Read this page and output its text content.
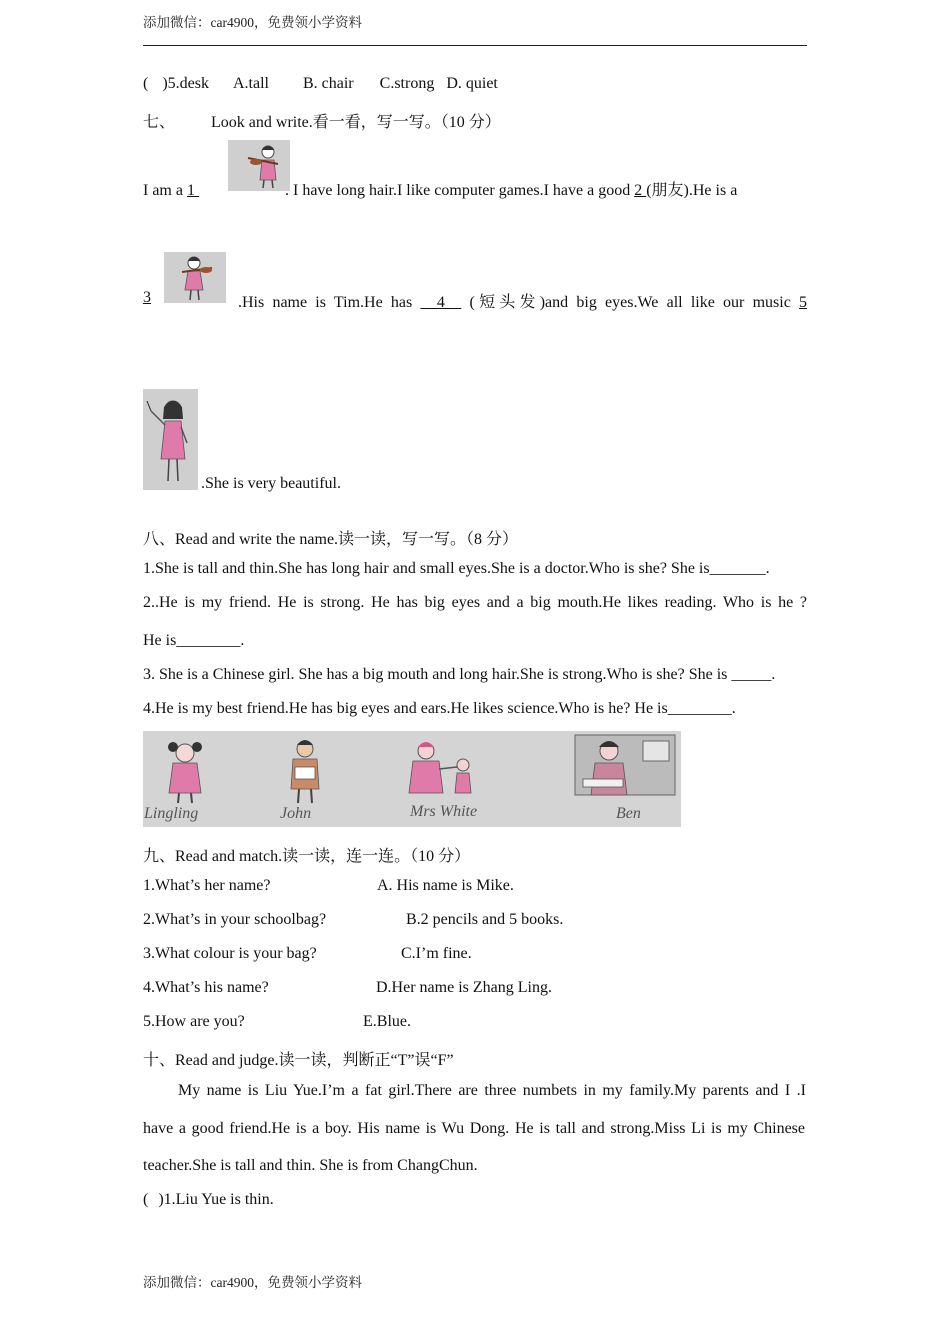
添加微信：car4900，免费领小学资料
( )5.desk A.tall B. chair C.strong D. quiet
七、 Look and write.看一看，写一写。（10 分）
I am a 1	. I have long hair.I like computer games.I have a good 2 (朋友).He is a
3	.His name is Tim.He has   4   (短头发)and big eyes.We all like our music 5
.She is very beautiful.
八、Read and write the name.读一读，写一写。（8 分）
1.She is tall and thin.She has long hair and small eyes.She is a doctor.Who is she? She is_______.
2..He is my friend. He is strong. He has big eyes and a big mouth.He likes reading. Who is he ?
He is________.
3. She is a Chinese girl. She has a big mouth and long hair.She is strong.Who is she? She is _____.
4.He is my best friend.He has big eyes and ears.He likes science.Who is he? He is________.
Lingling	John	Mrs White	Ben
九、Read and match.读一读，连一连。（10 分）
1.What’s her name?	A. His name is Mike.
2.What’s in your schoolbag?	B.2 pencils and 5 books.
3.What colour is your bag?	C.I’m fine.
4.What’s his name?	D.Her name is Zhang Ling.
5.How are you?	E.Blue.
十、Read and judge.读一读，判断正“T”误“F”
My name is Liu Yue.I’m a fat girl.There are three numbets in my family.My parents and I .I
have a good friend.He is a boy. His name is Wu Dong. He is tall and strong.Miss Li is my Chinese
teacher.She is tall and thin. She is from ChangChun.
( )1.Liu Yue is thin.
添加微信：car4900，免费领小学资料
